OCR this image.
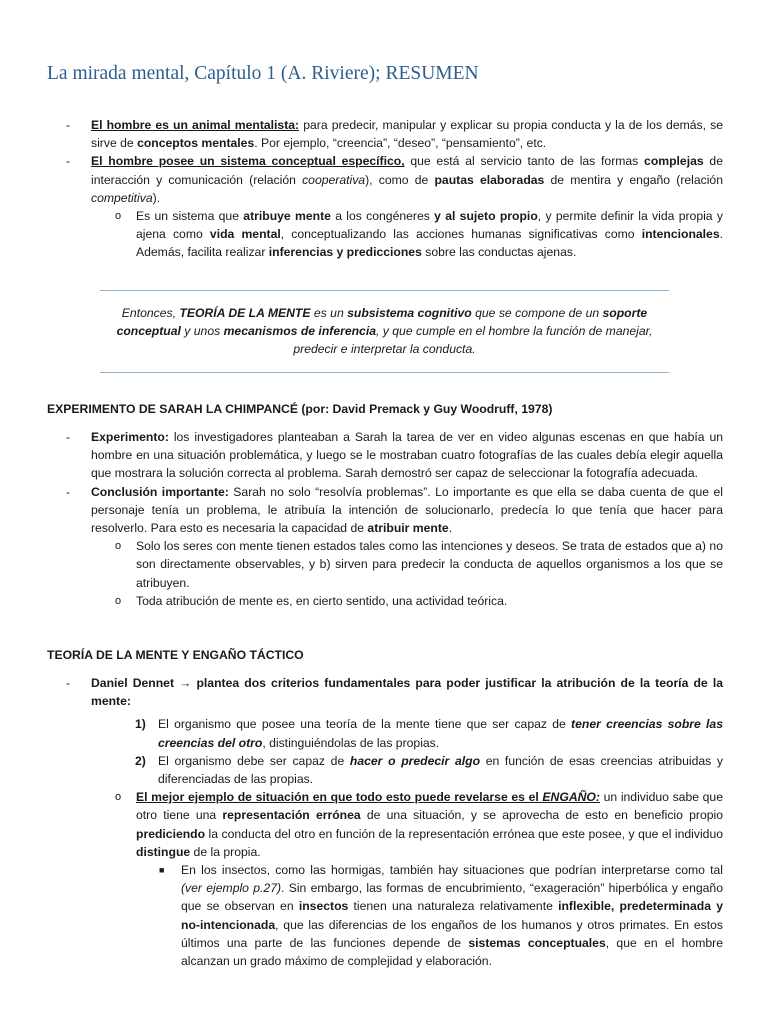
La mirada mental, Capítulo 1 (A. Riviere); RESUMEN
- El hombre es un animal mentalista: para predecir, manipular y explicar su propia conducta y la de los demás, se sirve de conceptos mentales. Por ejemplo, “creencia”, “deseo”, “pensamiento”, etc.
- El hombre posee un sistema conceptual específico, que está al servicio tanto de las formas complejas de interacción y comunicación (relación cooperativa), como de pautas elaboradas de mentira y engaño (relación competitiva).
o Es un sistema que atribuye mente a los congéneres y al sujeto propio, y permite definir la vida propia y ajena como vida mental, conceptualizando las acciones humanas significativas como intencionales. Además, facilita realizar inferencias y predicciones sobre las conductas ajenas.
Entonces, TEORÍA DE LA MENTE es un subsistema cognitivo que se compone de un soporte conceptual y unos mecanismos de inferencia, y que cumple en el hombre la función de manejar, predecir e interpretar la conducta.
EXPERIMENTO DE SARAH LA CHIMPANCÉ (por: David Premack y Guy Woodruff, 1978)
- Experimento: los investigadores planteaban a Sarah la tarea de ver en video algunas escenas en que había un hombre en una situación problemática, y luego se le mostraban cuatro fotografías de las cuales debía elegir aquella que mostrara la solución correcta al problema. Sarah demostró ser capaz de seleccionar la fotografía adecuada.
- Conclusión importante: Sarah no solo “resolvía problemas”. Lo importante es que ella se daba cuenta de que el personaje tenía un problema, le atribuía la intención de solucionarlo, predecía lo que tenía que hacer para resolverlo. Para esto es necesaria la capacidad de atribuir mente.
o Solo los seres con mente tienen estados tales como las intenciones y deseos. Se trata de estados que a) no son directamente observables, y b) sirven para predecir la conducta de aquellos organismos a los que se atribuyen.
o Toda atribución de mente es, en cierto sentido, una actividad teórica.
TEORÍA DE LA MENTE Y ENGAÑO TÁCTICO
- Daniel Dennet → plantea dos criterios fundamentales para poder justificar la atribución de la teoría de la mente:
1) El organismo que posee una teoría de la mente tiene que ser capaz de tener creencias sobre las creencias del otro, distinguiéndolas de las propias.
2) El organismo debe ser capaz de hacer o predecir algo en función de esas creencias atribuidas y diferenciadas de las propias.
o El mejor ejemplo de situación en que todo esto puede revelarse es el ENGAÑO: un individuo sabe que otro tiene una representación errónea de una situación, y se aprovecha de esto en beneficio propio prediciendo la conducta del otro en función de la representación errónea que este posee, y que el individuo distingue de la propia.
■ En los insectos, como las hormigas, también hay situaciones que podrían interpretarse como tal (ver ejemplo p.27). Sin embargo, las formas de encubrimiento, “exageración” hiperbólica y engaño que se observan en insectos tienen una naturaleza relativamente inflexible, predeterminada y no-intencionada, que las diferencias de los engaños de los humanos y otros primates. En estos últimos una parte de las funciones depende de sistemas conceptuales, que en el hombre alcanzan un grado máximo de complejidad y elaboración.
